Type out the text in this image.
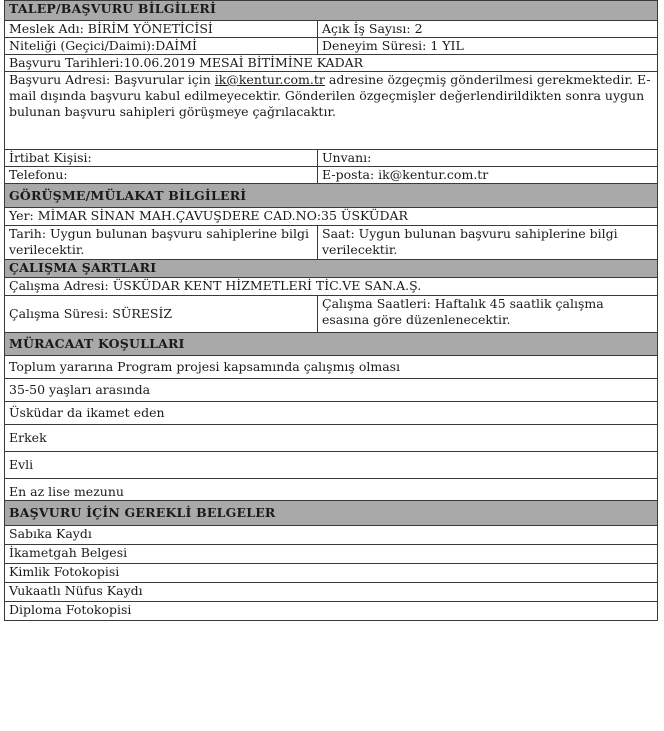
TALEP/BAŞVURU BİLGİLERİ	
Meslek Adı: BİRİM YÖNETİCİSİ	Açık İş Sayısı: 2
Niteliği (Geçici/Daimi):DAİMİ	Deneyim Süresi: 1 YIL
Başvuru Tarihleri:10.06.2019 MESAİ BİTİMİNE KADAR	
Başvuru Adresi: Başvurular için ik@kentur.com.tr adresine özgeçmiş gönderilmesi gerekmektedir. E-mail dışında başvuru kabul edilmeyecektir. Gönderilen özgeçmişler değerlendirildikten sonra uygun bulunan başvuru sahipleri görüşmeye çağrılacaktır.	
İrtibat Kişisi:	Unvanı:
Telefonu:	E-posta: ik@kentur.com.tr
GÖRÜŞME/MÜLAKAT BİLGİLERİ	
Yer: MİMAR SİNAN MAH.ÇAVUŞDERE CAD.NO:35 ÜSKÜDAR	
Tarih: Uygun bulunan başvuru sahiplerine bilgi verilecektir.	Saat: Uygun bulunan başvuru sahiplerine bilgi verilecektir.
ÇALIŞMA ŞARTLARI	
Çalışma Adresi: ÜSKÜDAR KENT HİZMETLERİ TİC.VE SAN.A.Ş.	
Çalışma Süresi: SÜRESİZ	Çalışma Saatleri: Haftalık 45 saatlik çalışma esasına göre düzenlenecektir.
MÜRACAAT KOŞULLARI	
Toplum yararına Program projesi kapsamında çalışmış olması	
35-50 yaşları arasında	
Üsküdar da ikamet eden	
Erkek	
Evli	
En az lise mezunu	
BAŞVURU İÇİN GEREKLİ BELGELER	
Sabıka Kaydı	
İkametgah Belgesi	
Kimlik Fotokopisi	
Vukaatlı Nüfus Kaydı	
Diploma Fotokopisi	
